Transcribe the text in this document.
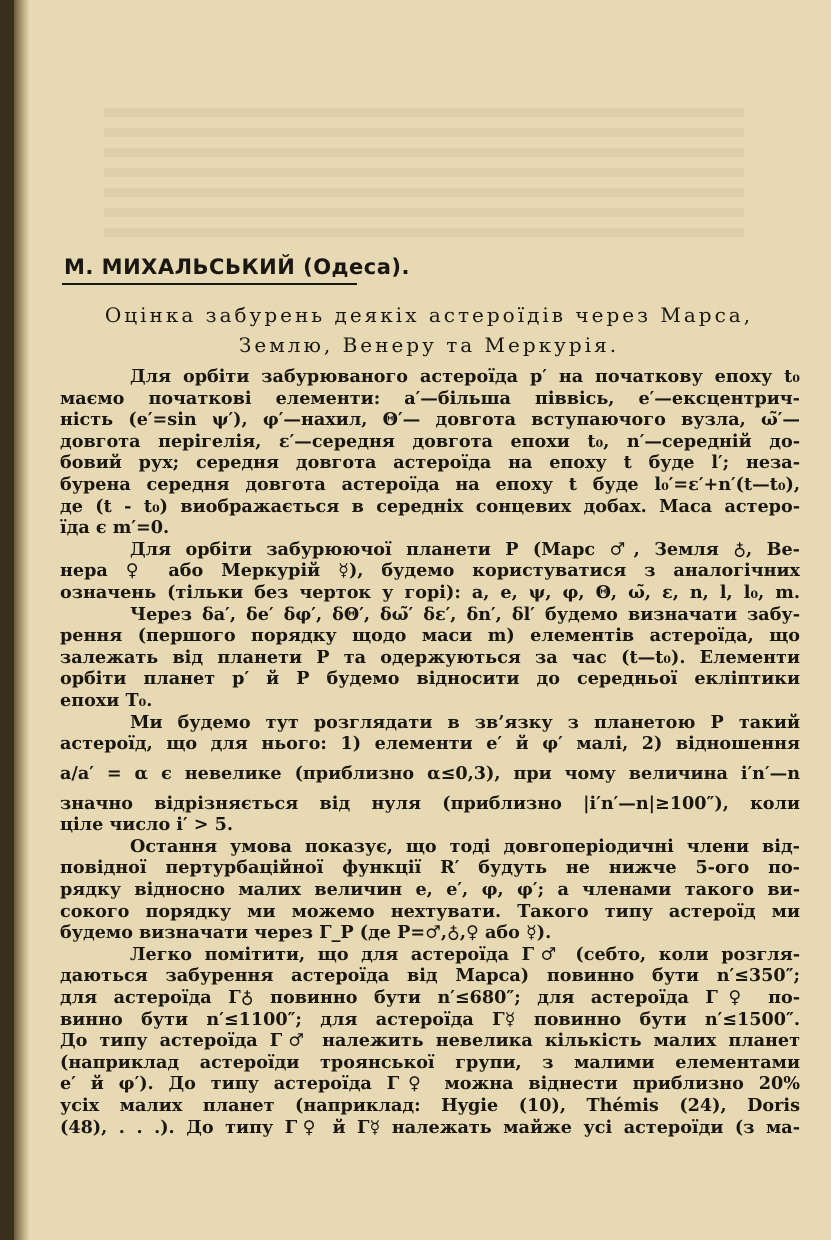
М. МИХАЛЬСЬКИЙ (Одеса).
Оцінка забурень деякіх астероїдів через Марса,
Землю, Венеру та Меркурія.
Для орбіти забурюваного астероїда p′ на початкову епоху t₀
маємо початкові елементи: a′—більша піввісь, e′—ексцентрич-
ність (e′=sin ψ′), φ′—нахил, Θ′— довгота вступаючого вузла, ω̃′—
довгота перігелія, ε′—середня довгота епохи t₀, n′—середній до-
бовий рух; середня довгота астероїда на епоху t буде l′; неза-
бурена середня довгота астероїда на епоху t буде l₀′=ε′+n′(t—t₀),
де (t - t₀) виображається в середніх сонцевих добах. Маса астеро-
їда є m′=0.
Для орбіти забурюючої планети P (Марс ♂, Земля ♁, Ве-
нера ♀ або Меркурій ☿), будемо користуватися з аналогічних
означень (тільки без черток у горі): a, e, ψ, φ, Θ, ω̃, ε, n, l, l₀, m.
Через δa′, δe′ δφ′, δΘ′, δω̃′ δε′, δn′, δl′ будемо визначати забу-
рення (першого порядку щодо маси m) елементів астероїда, що
залежать від планети P та одержуються за час (t—t₀). Елементи
орбіти планет p′ й P будемо відносити до середньої екліптики
епохи T₀.
Ми будемо тут розглядати в зв’язку з планетою P такий
астероїд, що для нього: 1) елементи e′ й φ′ малі, 2) відношення
a/a′ = α є невелике (приблизно α≤0,3), при чому величина i′n′—n
значно відрізняється від нуля (приблизно |i′n′—n|≥100″), коли
ціле число i′ > 5.
Остання умова показує, що тоді довгоперіодичні члени від-
повідної пертурбаційної функції R′ будуть не нижче 5-ого по-
рядку відносно малих величин e, e′, φ, φ′; а членами такого ви-
сокого порядку ми можемо нехтувати. Такого типу астероїд ми
будемо визначати через Γ_P (де P=♂,♁,♀ або ☿).
Легко помітити, що для астероїда Γ♂ (себто, коли розгля-
даються забурення астероїда від Марса) повинно бути n′≤350″;
для астероїда Γ♁ повинно бути n′≤680″; для астероїда Γ♀ по-
винно бути n′≤1100″; для астероїда Γ☿ повинно бути n′≤1500″.
До типу астероїда Γ♂ належить невелика кількість малих планет
(наприклад астероїди троянської групи, з малими елементами
e′ й φ′). До типу астероїда Γ♀ можна віднести приблизно 20%
усіх малих планет (наприклад: Hygie (10), Thémis (24), Doris
(48), . . .). До типу Γ♀ й Γ☿ належать майже усі астероїди (з ма-
